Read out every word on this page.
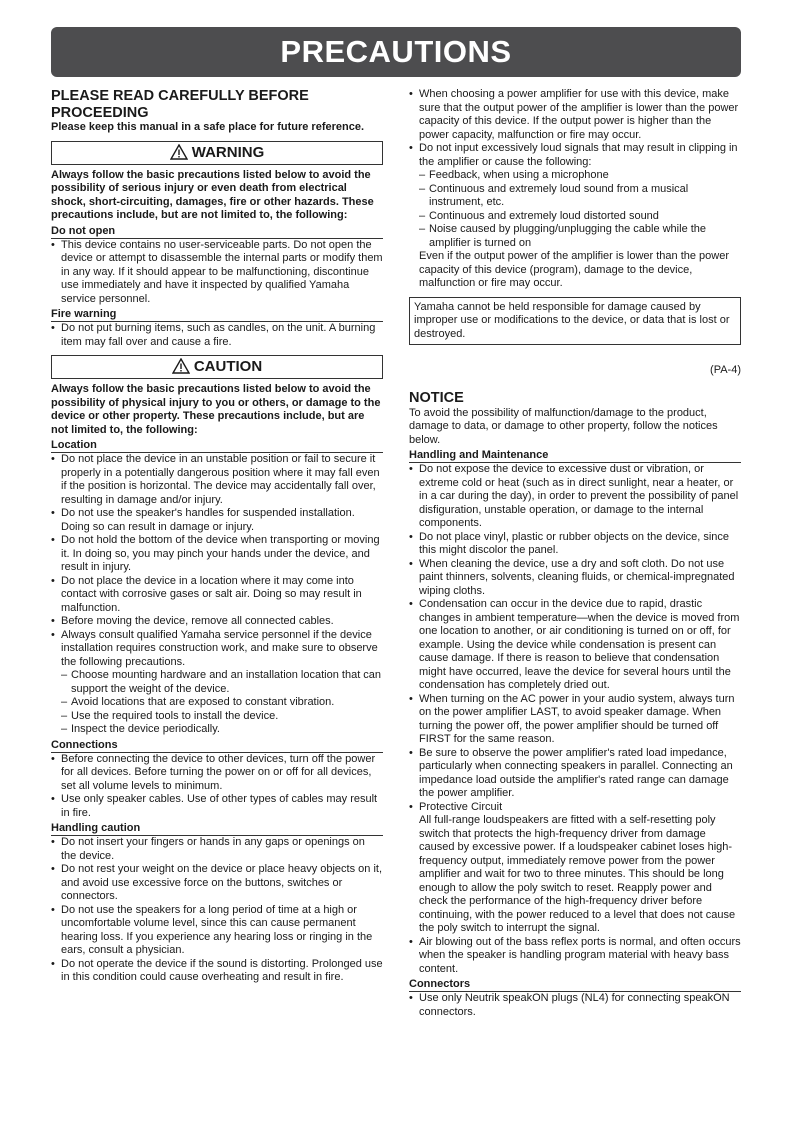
PRECAUTIONS

PLEASE READ CAREFULLY BEFORE PROCEEDING

Please keep this manual in a safe place for future reference.

WARNING

Always follow the basic precautions listed below to avoid the possibility of serious injury or even death from electrical shock, short-circuiting, damages, fire or other hazards. These precautions include, but are not limited to, the following:

Do not open
• This device contains no user-serviceable parts. Do not open the device or attempt to disassemble the internal parts or modify them in any way. If it should appear to be malfunctioning, discontinue use immediately and have it inspected by qualified Yamaha service personnel.
Fire warning
• Do not put burning items, such as candles, on the unit. A burning item may fall over and cause a fire.
CAUTION

Always follow the basic precautions listed below to avoid the possibility of physical injury to you or others, or damage to the device or other property. These precautions include, but are not limited to, the following:

Location
• Do not place the device in an unstable position or fail to secure it properly in a potentially dangerous position where it may fall even if the position is horizontal. The device may accidentally fall over, resulting in damage and/or injury.
• Do not use the speaker's handles for suspended installation. Doing so can result in damage or injury.
• Do not hold the bottom of the device when transporting or moving it. In doing so, you may pinch your hands under the device, and result in injury.
• Do not place the device in a location where it may come into contact with corrosive gases or salt air. Doing so may result in malfunction.
• Before moving the device, remove all connected cables.
• Always consult qualified Yamaha service personnel if the device installation requires construction work, and make sure to observe the following precautions.
– Choose mounting hardware and an installation location that can support the weight of the device.
– Avoid locations that are exposed to constant vibration.
– Use the required tools to install the device.
– Inspect the device periodically.
Connections
• Before connecting the device to other devices, turn off the power for all devices. Before turning the power on or off for all devices, set all volume levels to minimum.
• Use only speaker cables. Use of other types of cables may result in fire.
Handling caution
• Do not insert your fingers or hands in any gaps or openings on the device.
• Do not rest your weight on the device or place heavy objects on it, and avoid use excessive force on the buttons, switches or connectors.
• Do not use the speakers for a long period of time at a high or uncomfortable volume level, since this can cause permanent hearing loss. If you experience any hearing loss or ringing in the ears, consult a physician.
• Do not operate the device if the sound is distorting. Prolonged use in this condition could cause overheating and result in fire.
• When choosing a power amplifier for use with this device, make sure that the output power of the amplifier is lower than the power capacity of this device. If the output power is higher than the power capacity, malfunction or fire may occur.
• Do not input excessively loud signals that may result in clipping in the amplifier or cause the following:
– Feedback, when using a microphone
– Continuous and extremely loud sound from a musical instrument, etc.
– Continuous and extremely loud distorted sound
– Noise caused by plugging/unplugging the cable while the amplifier is turned on

Even if the output power of the amplifier is lower than the power capacity of this device (program), damage to the device, malfunction or fire may occur.

Yamaha cannot be held responsible for damage caused by improper use or modifications to the device, or data that is lost or destroyed.

(PA-4)

NOTICE

To avoid the possibility of malfunction/damage to the product, damage to data, or damage to other property, follow the notices below.

Handling and Maintenance
• Do not expose the device to excessive dust or vibration, or extreme cold or heat (such as in direct sunlight, near a heater, or in a car during the day), in order to prevent the possibility of panel disfiguration, unstable operation, or damage to the internal components.
• Do not place vinyl, plastic or rubber objects on the device, since this might discolor the panel.
• When cleaning the device, use a dry and soft cloth. Do not use paint thinners, solvents, cleaning fluids, or chemical-impregnated wiping cloths.
• Condensation can occur in the device due to rapid, drastic changes in ambient temperature—when the device is moved from one location to another, or air conditioning is turned on or off, for example. Using the device while condensation is present can cause damage. If there is reason to believe that condensation might have occurred, leave the device for several hours until the condensation has completely dried out.
• When turning on the AC power in your audio system, always turn on the power amplifier LAST, to avoid speaker damage. When turning the power off, the power amplifier should be turned off FIRST for the same reason.
• Be sure to observe the power amplifier's rated load impedance, particularly when connecting speakers in parallel. Connecting an impedance load outside the amplifier's rated range can damage the power amplifier.
• Protective Circuit

All full-range loudspeakers are fitted with a self-resetting poly switch that protects the high-frequency driver from damage caused by excessive power. If a loudspeaker cabinet loses high-frequency output, immediately remove power from the power amplifier and wait for two to three minutes. This should be long enough to allow the poly switch to reset. Reapply power and check the performance of the high-frequency driver before continuing, with the power reduced to a level that does not cause the poly switch to interrupt the signal.

• Air blowing out of the bass reflex ports is normal, and often occurs when the speaker is handling program material with heavy bass content.
Connectors
• Use only Neutrik speakON plugs (NL4) for connecting speakON connectors.
